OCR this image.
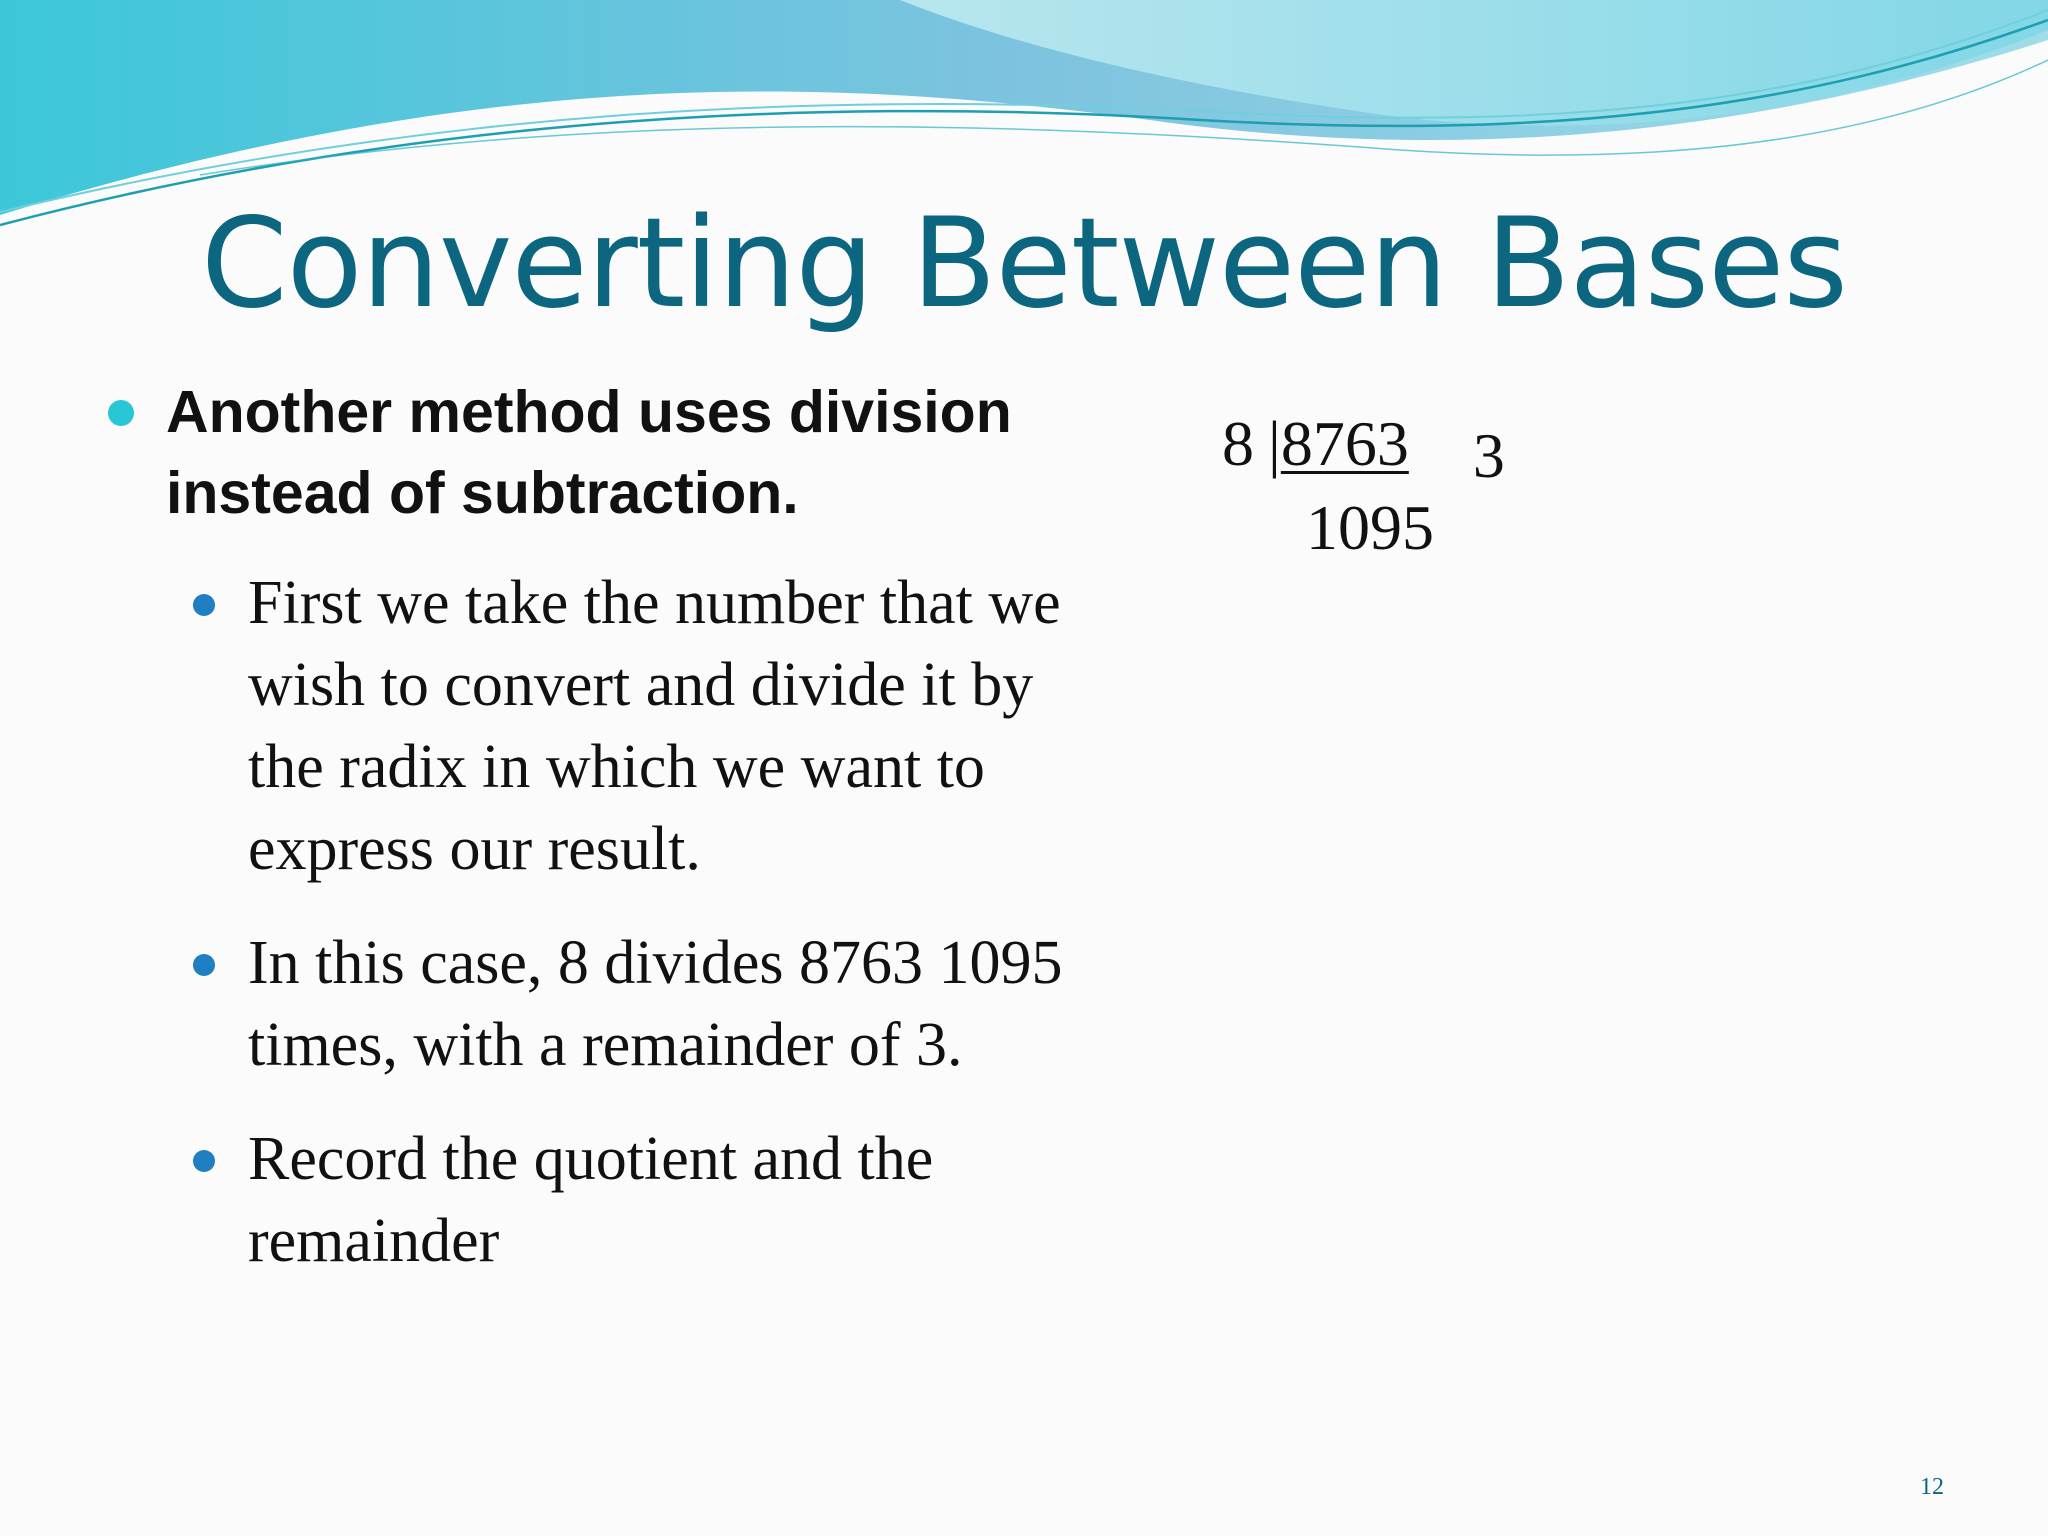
Converting Between Bases
Another method uses division instead of subtraction.
First we take the number that we wish to convert and divide it by the radix in which we want to express our result.
In this case, 8 divides 8763 1095 times, with a remainder of 3.
Record the quotient and the remainder
8 |8763 3
1095
12
